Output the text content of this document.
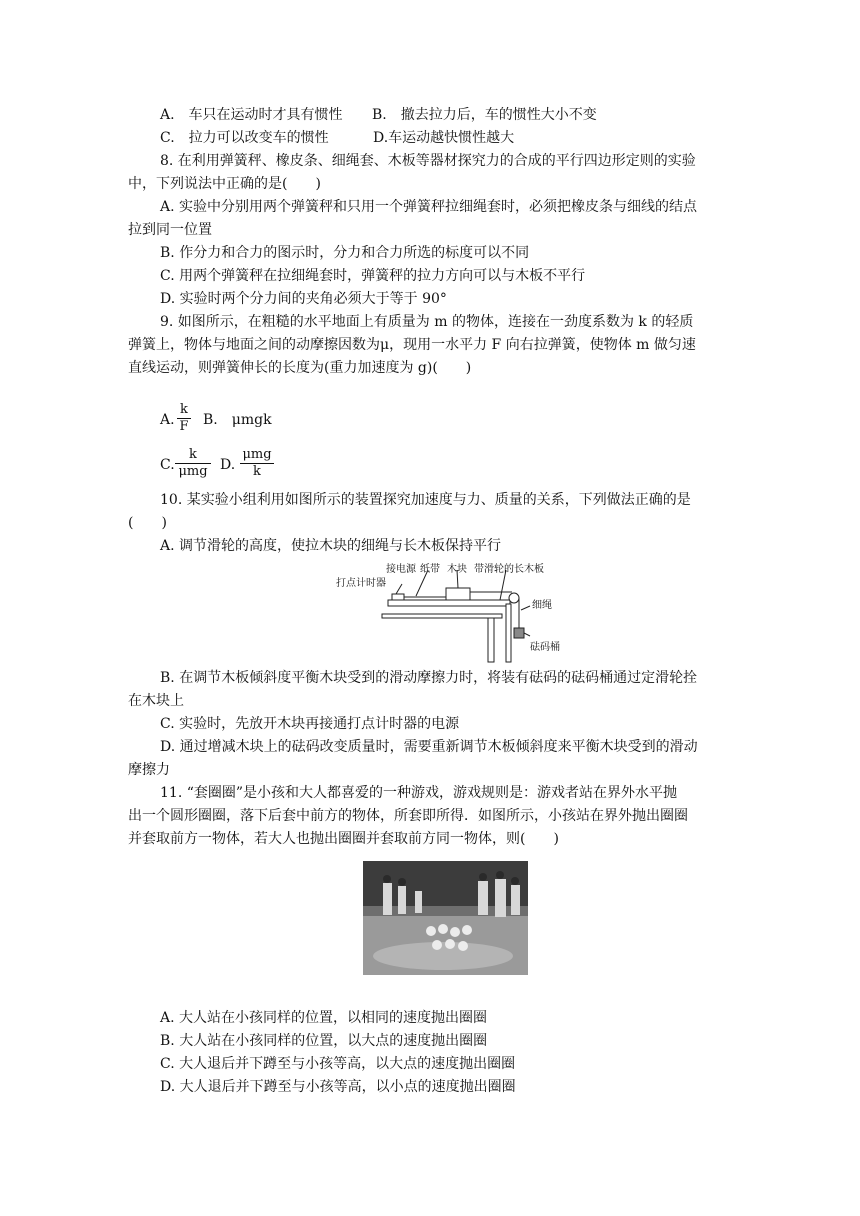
A.　车只在运动时才具有惯性 B.　撤去拉力后，车的惯性大小不变
C.　拉力可以改变车的惯性	D.车运动越快惯性越大
8. 在利用弹簧秤、橡皮条、细绳套、木板等器材探究力的合成的平行四边形定则的实验
中，下列说法中正确的是(　　)
A. 实验中分别用两个弹簧秤和只用一个弹簧秤拉细绳套时，必须把橡皮条与细线的结点
拉到同一位置
B. 作分力和合力的图示时，分力和合力所选的标度可以不同
C. 用两个弹簧秤在拉细绳套时，弹簧秤的拉力方向可以与木板不平行
D. 实验时两个分力间的夹角必须大于等于 90°
9. 如图所示，在粗糙的水平地面上有质量为 m 的物体，连接在一劲度系数为 k 的轻质
弹簧上，物体与地面之间的动摩擦因数为μ，现用一水平力 F 向右拉弹簧，使物体 m 做匀速
直线运动，则弹簧伸长的长度为(重力加速度为 g)(　　)
A. $\frac{k}{F} B$.　μmgk
C.
k
μmg D.
μmg
k
10. 某实验小组利用如图所示的装置探究加速度与力、质量的关系，下列做法正确的是
(　　)
A. 调节滑轮的高度，使拉木块的细绳与长木板保持平行
接电源 纸带 木块 带滑轮的长木板
打点计时器
细绳
砝码桶
B. 在调节木板倾斜度平衡木块受到的滑动摩擦力时，将装有砝码的砝码桶通过定滑轮拴
在木块上
C. 实验时，先放开木块再接通打点计时器的电源
D. 通过增减木块上的砝码改变质量时，需要重新调节木板倾斜度来平衡木块受到的滑动
摩擦力
11. “套圈圈”是小孩和大人都喜爱的一种游戏，游戏规则是：游戏者站在界外水平抛
出一个圆形圈圈，落下后套中前方的物体，所套即所得．如图所示，小孩站在界外抛出圈圈
并套取前方一物体，若大人也抛出圈圈并套取前方同一物体，则(　　)
A. 大人站在小孩同样的位置，以相同的速度抛出圈圈
B. 大人站在小孩同样的位置，以大点的速度抛出圈圈
C. 大人退后并下蹲至与小孩等高，以大点的速度抛出圈圈
D. 大人退后并下蹲至与小孩等高，以小点的速度抛出圈圈
